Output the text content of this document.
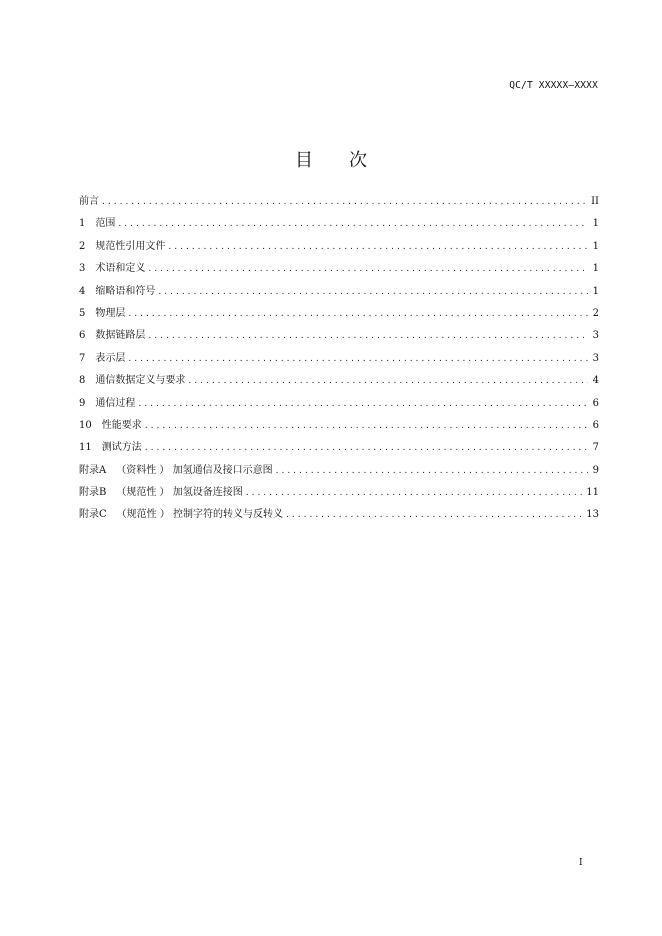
QC/T XXXXX—XXXX
目 次
前言 .....	II
1 范围 .....	1
2 规范性引用文件 .....	1
3 术语和定义 .....	1
4 缩略语和符号 .....	1
5 物理层 .....	2
6 数据链路层 .....	3
7 表示层 .....	3
8 通信数据定义与要求 .....	4
9 通信过程 .....	6
10 性能要求 .....	6
11 测试方法 .....	7
附录A （资料性 ） 加氢通信及接口示意图 .....	9
附录B （规范性 ） 加氢设备连接图 .....	11
附录C （规范性 ） 控制字符的转义与反转义 .....	13
I
